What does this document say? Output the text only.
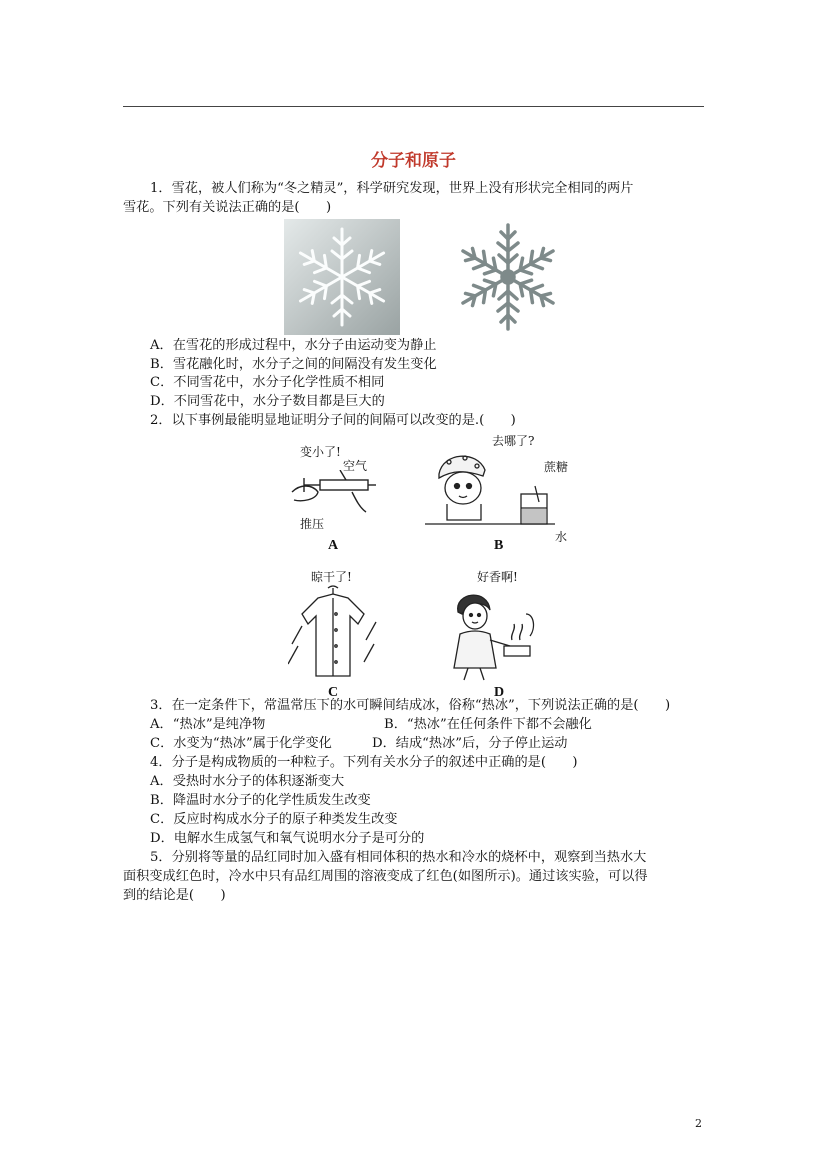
分子和原子
1．雪花，被人们称为“冬之精灵”，科学研究发现，世界上没有形状完全相同的两片
雪花。下列有关说法正确的是(　　)
A．在雪花的形成过程中，水分子由运动变为静止
B．雪花融化时，水分子之间的间隔没有发生变化
C．不同雪花中，水分子化学性质不相同
D．不同雪花中，水分子数目都是巨大的
2．以下事例最能明显地证明分子间的间隔可以改变的是.(　　)
变小了!
空气
推压
A
去哪了?
蔗糖
水
B
晾干了!
C
好香啊!
D
3．在一定条件下，常温常压下的水可瞬间结成冰，俗称“热冰”，下列说法正确的是(　　)
A．“热冰”是纯净物	B．“热冰”在任何条件下都不会融化
C．水变为“热冰”属于化学变化	D．结成“热冰”后，分子停止运动
4．分子是构成物质的一种粒子。下列有关水分子的叙述中正确的是(　　)
A．受热时水分子的体积逐渐变大
B．降温时水分子的化学性质发生改变
C．反应时构成水分子的原子种类发生改变
D．电解水生成氢气和氧气说明水分子是可分的
5．分别将等量的品红同时加入盛有相同体积的热水和冷水的烧杯中，观察到当热水大
面积变成红色时，冷水中只有品红周围的溶液变成了红色(如图所示)。通过该实验，可以得
到的结论是(　　)
2
